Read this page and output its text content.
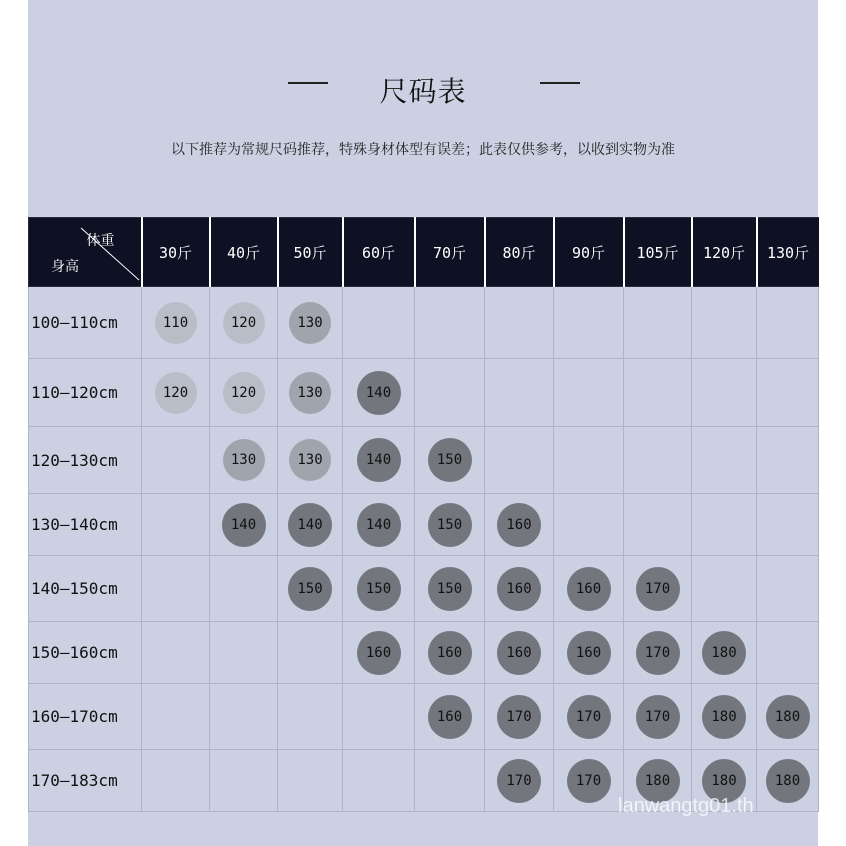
尺码表
以下推荐为常规尺码推荐，特殊身材体型有误差；此表仅供参考，以收到实物为准
体重
身高	30斤	40斤	50斤	60斤	70斤	80斤	90斤	105斤	120斤	130斤
100—110cm	110	120	130							
110—120cm	120	120	130	140						
120—130cm		130	130	140	150					
130—140cm		140	140	140	150	160				
140—150cm			150	150	150	160	160	170		
150—160cm				160	160	160	160	170	180	
160—170cm					160	170	170	170	180	180
170—183cm						170	170	180	180	180
lanwangtg01.th
